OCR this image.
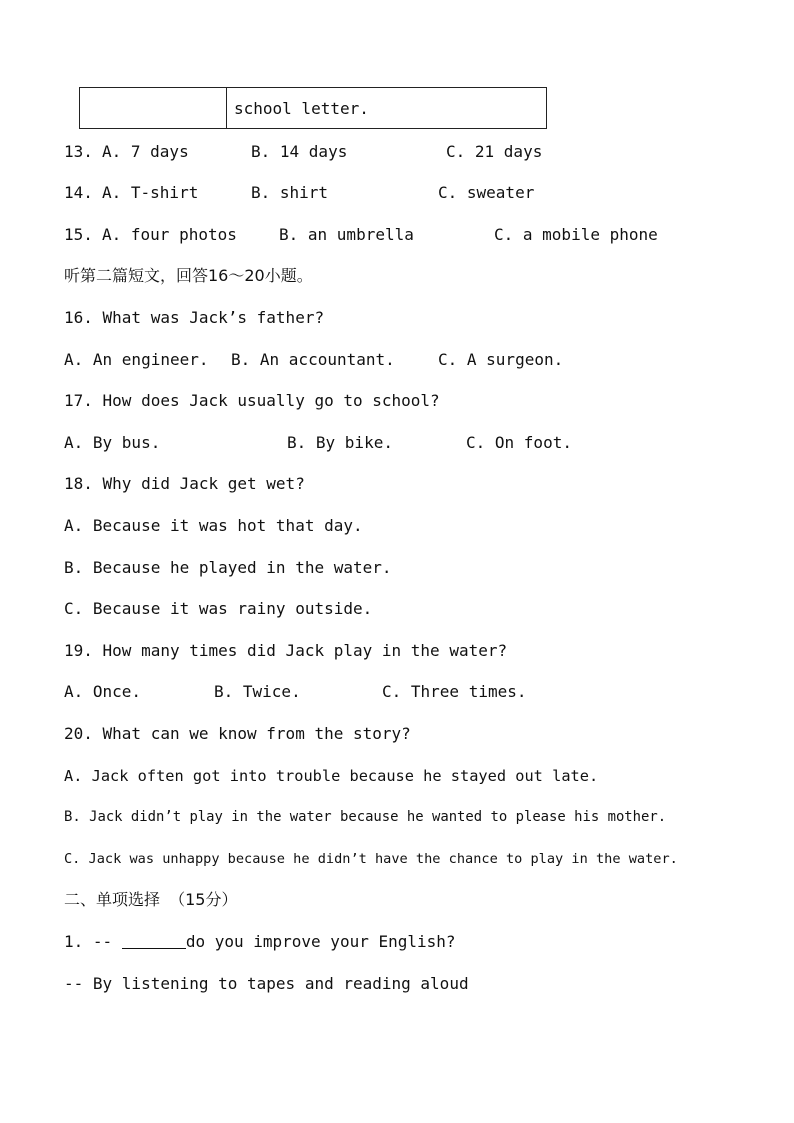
school letter.
13. A. 7 days	B. 14 days	C. 21 days
14. A. T-shirt	B. shirt	C. sweater
15. A. four photos	B. an umbrella	C. a mobile phone
听第二篇短文，回答16～20小题。
16. What was Jack’s father?
A. An engineer. B. An accountant.	C. A surgeon.
17. How does Jack usually go to school?
A. By bus.	B. By bike.	C. On foot.
18. Why did Jack get wet?
A. Because it was hot that day.
B. Because he played in the water.
C. Because it was rainy outside.
19. How many times did Jack play in the water?
A. Once.	B. Twice.	C. Three times.
20. What can we know from the story?
A. Jack often got into trouble because he stayed out late.
B. Jack didn’t play in the water because he wanted to please his mother.
C. Jack was unhappy because he didn’t have the chance to play in the water.
二、单项选择 （15分）
1. --	do you improve your English?
-- By listening to tapes and reading aloud
